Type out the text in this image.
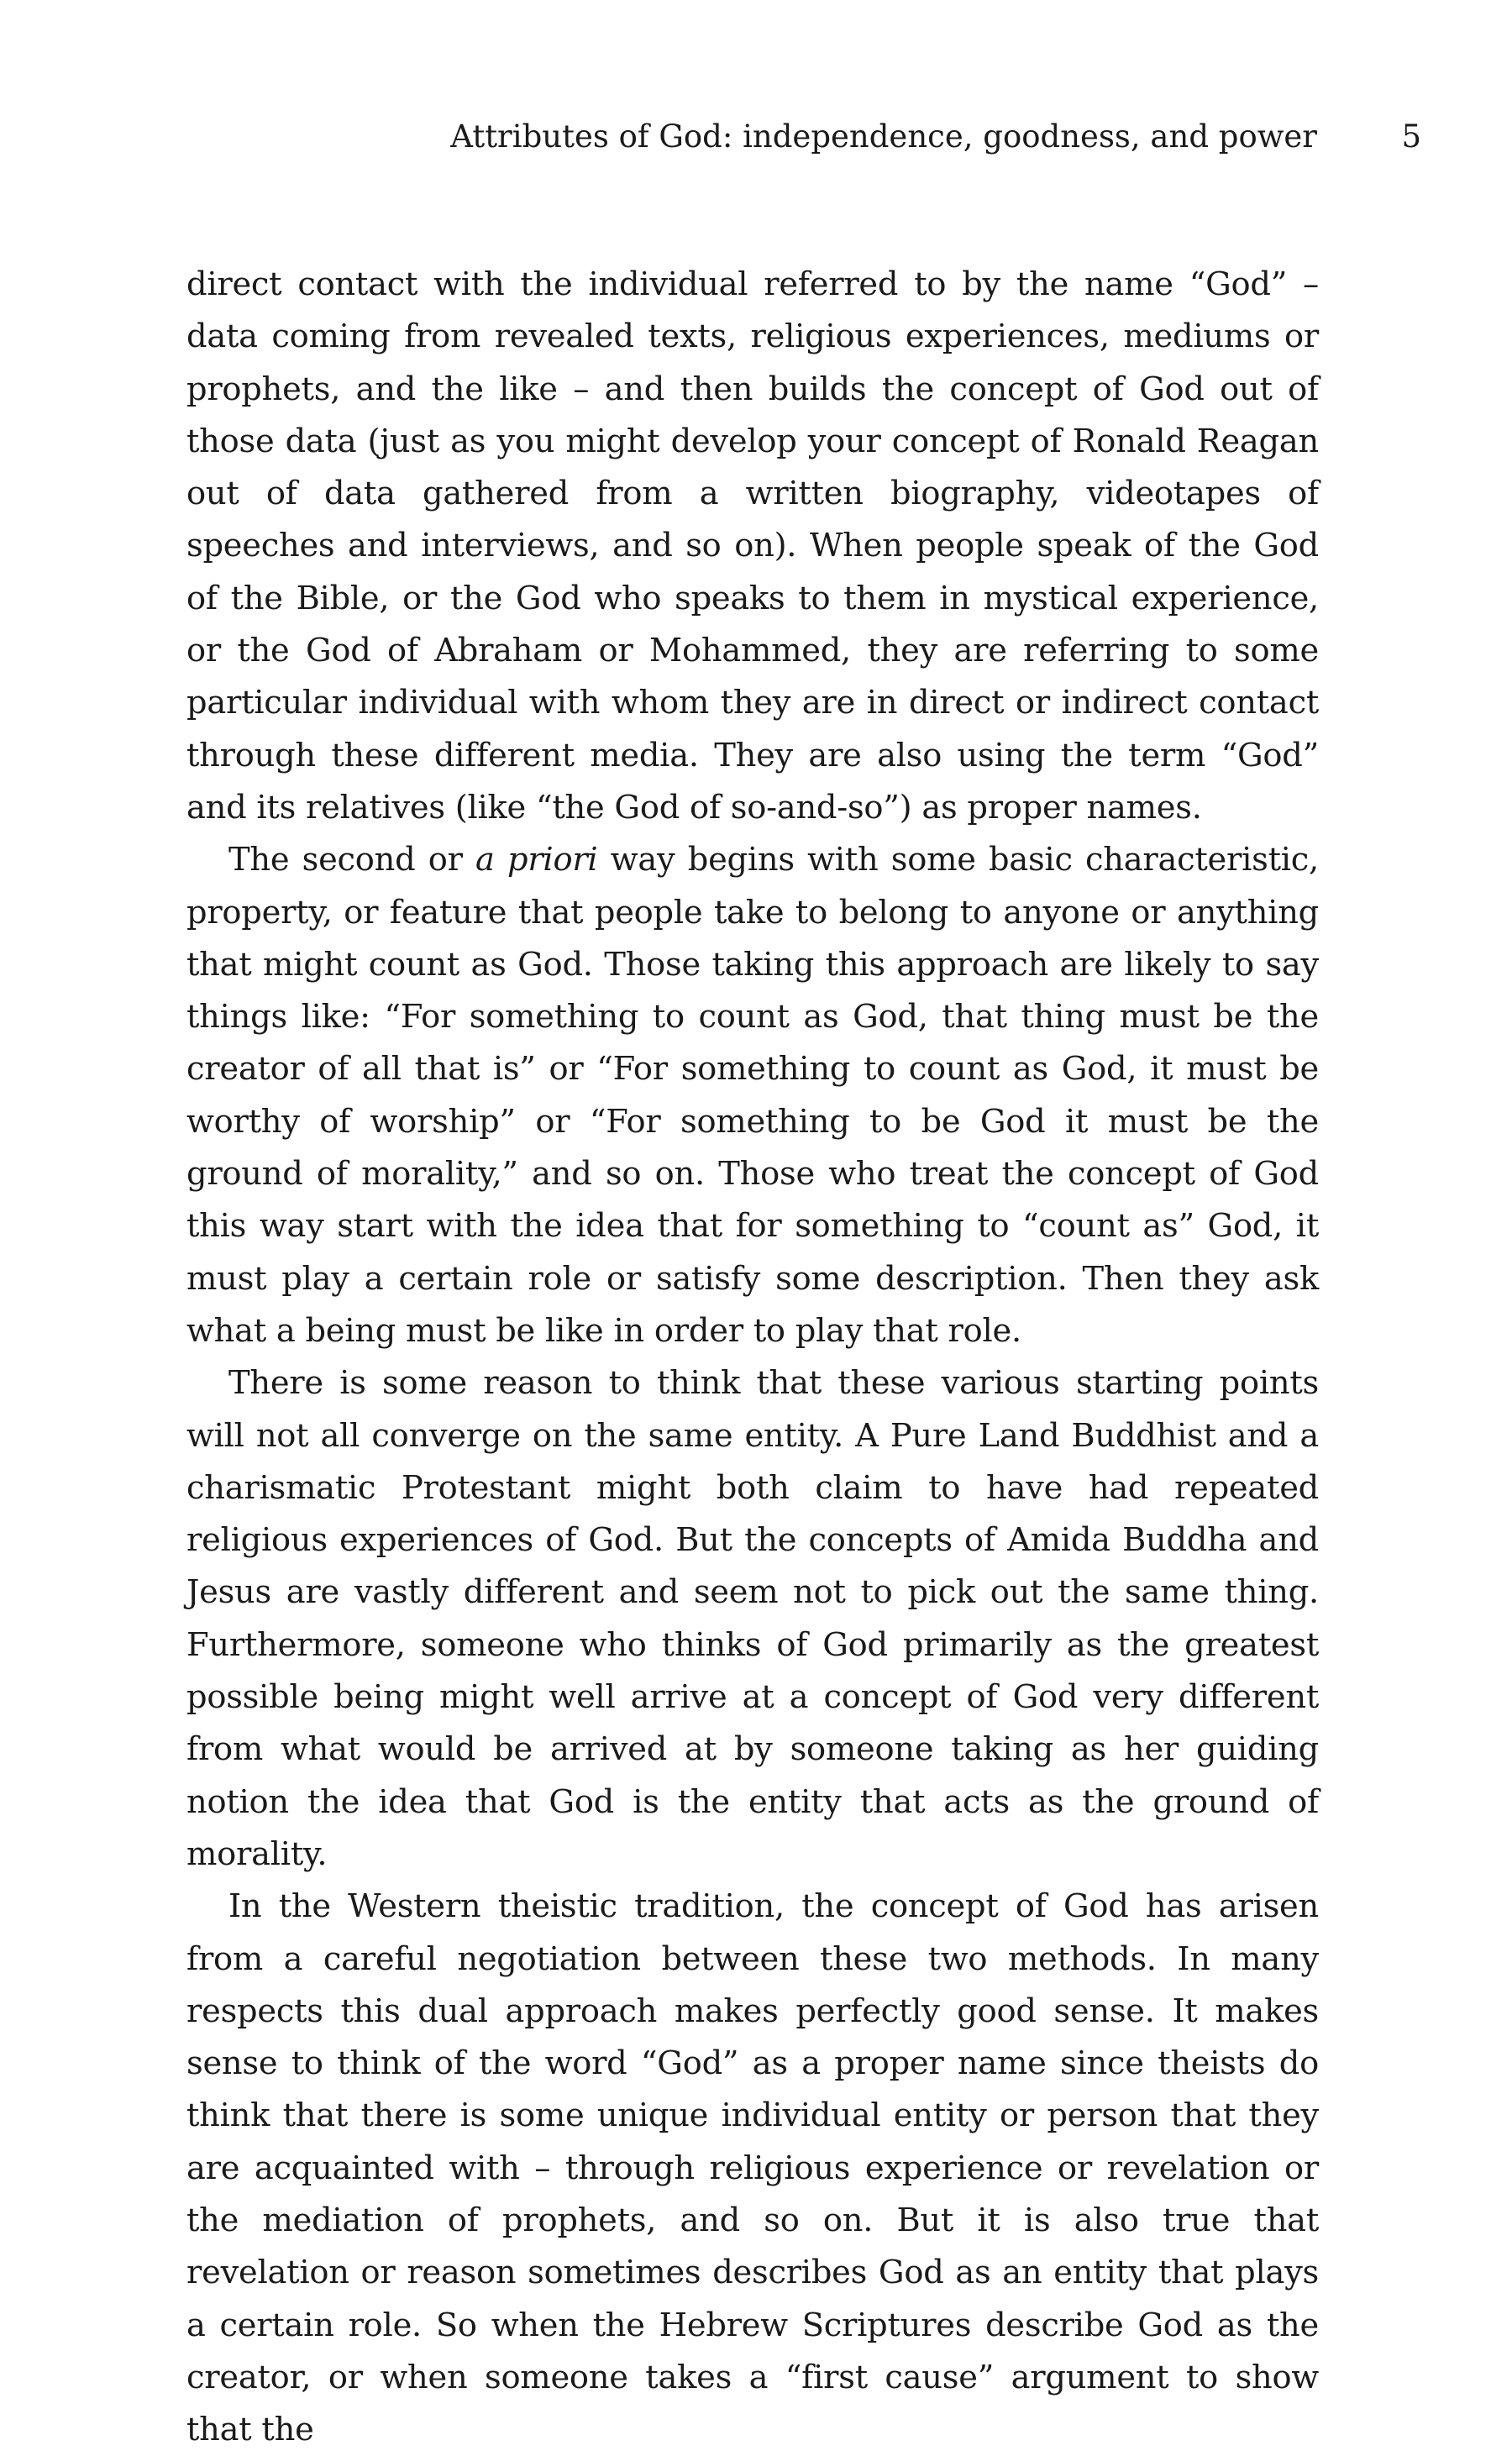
Attributes of God: independence, goodness, and power	5

direct contact with the individual referred to by the name “God” – data coming from revealed texts, religious experiences, mediums or prophets, and the like – and then builds the concept of God out of those data (just as you might develop your concept of Ronald Reagan out of data gathered from a written biography, videotapes of speeches and interviews, and so on). When people speak of the God of the Bible, or the God who speaks to them in mystical experience, or the God of Abraham or Mohammed, they are referring to some particular individual with whom they are in direct or indirect contact through these different media. They are also using the term “God” and its relatives (like “the God of so-and-so”) as proper names.

The second or a priori way begins with some basic characteristic, property, or feature that people take to belong to anyone or anything that might count as God. Those taking this approach are likely to say things like: “For something to count as God, that thing must be the creator of all that is” or “For something to count as God, it must be worthy of worship” or “For something to be God it must be the ground of morality,” and so on. Those who treat the concept of God this way start with the idea that for something to “count as” God, it must play a certain role or satisfy some description. Then they ask what a being must be like in order to play that role.

There is some reason to think that these various starting points will not all converge on the same entity. A Pure Land Buddhist and a charismatic Protestant might both claim to have had repeated religious experiences of God. But the concepts of Amida Buddha and Jesus are vastly different and seem not to pick out the same thing. Furthermore, someone who thinks of God primarily as the greatest possible being might well arrive at a concept of God very different from what would be arrived at by someone taking as her guiding notion the idea that God is the entity that acts as the ground of morality.

In the Western theistic tradition, the concept of God has arisen from a careful negotiation between these two methods. In many respects this dual approach makes perfectly good sense. It makes sense to think of the word “God” as a proper name since theists do think that there is some unique individual entity or person that they are acquainted with – through religious experience or revelation or the mediation of prophets, and so on. But it is also true that revelation or reason sometimes describes God as an entity that plays a certain role. So when the Hebrew Scriptures describe God as the creator, or when someone takes a “first cause” argument to show that the
